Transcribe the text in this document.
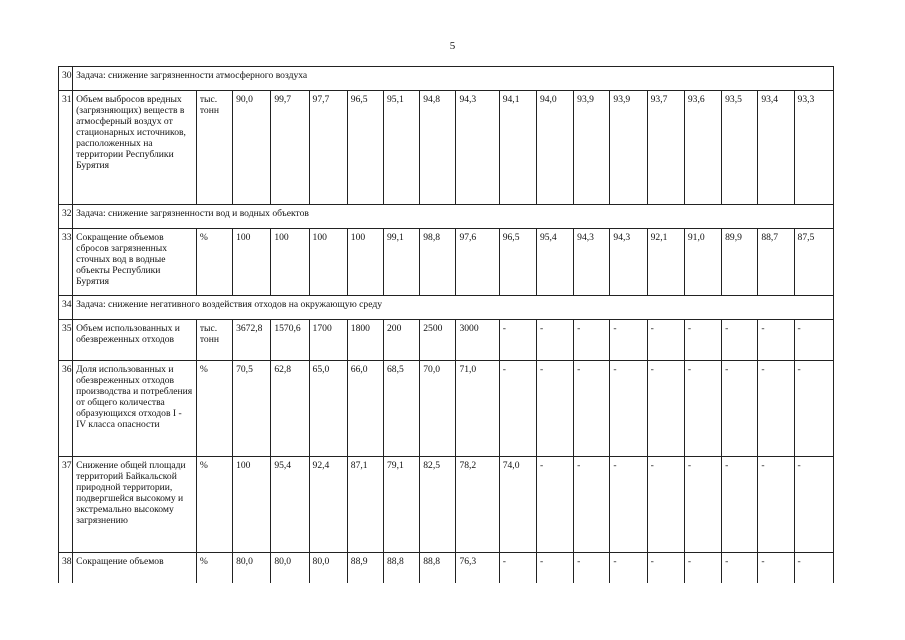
5
30	Задача: снижение загрязненности атмосферного воздуха																	
31	Объем выбросов вредных (загрязняющих) веществ в атмосферный воздух от стационарных источников, расположенных на территории Республики Бурятия	тыс. тонн	90,0	99,7	97,7	96,5	95,1	94,8	94,3	94,1	94,0	93,9	93,9	93,7	93,6	93,5	93,4	93,3
32	Задача: снижение загрязненности вод и водных объектов																	
33	Сокращение объемов сбросов загрязненных сточных вод в водные объекты Республики Бурятия	%	100	100	100	100	99,1	98,8	97,6	96,5	95,4	94,3	94,3	92,1	91,0	89,9	88,7	87,5
34	Задача: снижение негативного воздействия отходов на окружающую среду																	
35	Объем использованных и обезвреженных отходов	тыс. тонн	3672,8	1570,6	1700	1800	200	2500	3000	-	-	-	-	-	-	-	-	-
36	Доля использованных и обезвреженных отходов производства и потребления от общего количества образующихся отходов I - IV класса опасности	%	70,5	62,8	65,0	66,0	68,5	70,0	71,0	-	-	-	-	-	-	-	-	-
37	Снижение общей площади территорий Байкальской природной территории, подвергшейся высокому и экстремально высокому загрязнению	%	100	95,4	92,4	87,1	79,1	82,5	78,2	74,0	-	-	-	-	-	-	-	-
38	Сокращение объемов	%	80,0	80,0	80,0	88,9	88,8	88,8	76,3	-	-	-	-	-	-	-	-	-
